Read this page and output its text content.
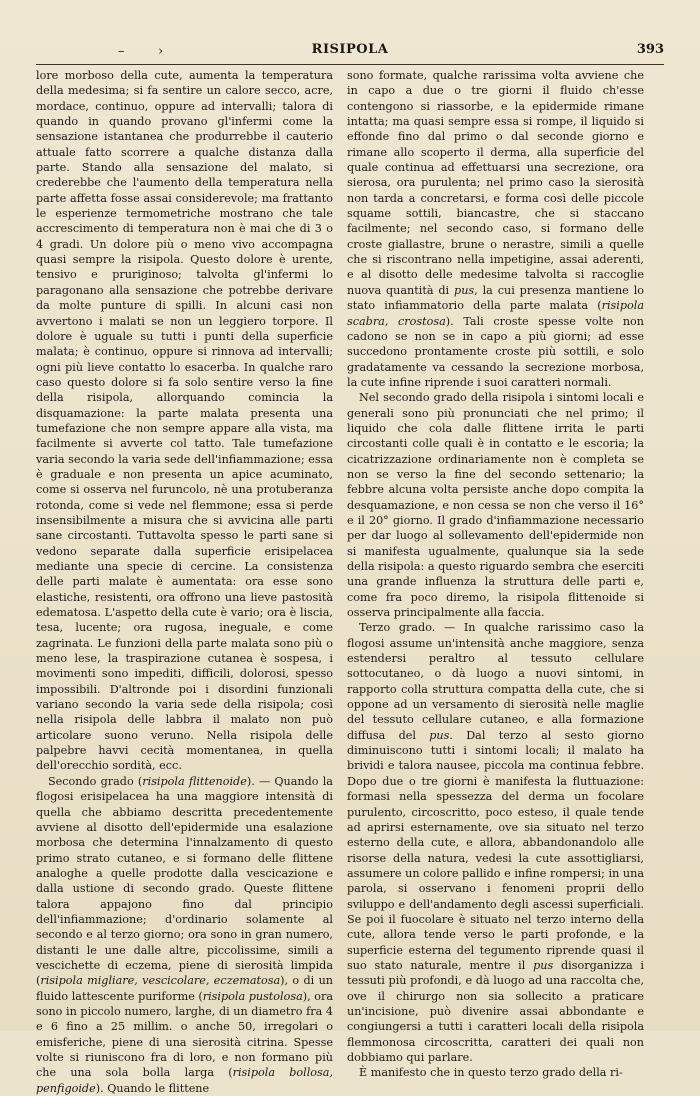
–	›	RISIPOLA	393

lore morboso della cute, aumenta la temperatura della medesima; si fa sentire un calore secco, acre, mordace, continuo, oppure ad intervalli; talora di quando in quando provano gl'infermi come la sensazione istantanea che produrrebbe il cauterio attuale fatto scorrere a qualche distanza dalla parte. Stando alla sensazione del malato, si crederebbe che l'aumento della temperatura nella parte affetta fosse assai considerevole; ma frattanto le esperienze termometriche mostrano che tale accrescimento di temperatura non è mai che di 3 o 4 gradi. Un dolore più o meno vivo accompagna quasi sempre la risipola. Questo dolore è urente, tensivo e pruriginoso; talvolta gl'infermi lo paragonano alla sensazione che potrebbe derivare da molte punture di spilli. In alcuni casi non avvertono i malati se non un leggiero torpore. Il dolore è uguale su tutti i punti della superficie malata; è continuo, oppure si rinnova ad intervalli; ogni più lieve contatto lo esacerba. In qualche raro caso questo dolore si fa solo sentire verso la fine della risipola, allorquando comincia la disquamazione: la parte malata presenta una tumefazione che non sempre appare alla vista, ma facilmente si avverte col tatto. Tale tumefazione varia secondo la varia sede dell'infiammazione; essa è graduale e non presenta un apice acuminato, come si osserva nel furuncolo, nè una protuberanza rotonda, come si vede nel flemmone; essa si perde insensibilmente a misura che si avvicina alle parti sane circostanti. Tuttavolta spesso le parti sane si vedono separate dalla superficie erisipelacea mediante una specie di cercine. La consistenza delle parti malate è aumentata: ora esse sono elastiche, resistenti, ora offrono una lieve pastosità edematosa. L'aspetto della cute è vario; ora è liscia, tesa, lucente; ora rugosa, ineguale, e come zagrinata. Le funzioni della parte malata sono più o meno lese, la traspirazione cutanea è sospesa, i movimenti sono impediti, difficili, dolorosi, spesso impossibili. D'altronde poi i disordini funzionali variano secondo la varia sede della risipola; così nella risipola delle labbra il malato non può articolare suono veruno. Nella risipola delle palpebre havvi cecità momentanea, in quella dell'orecchio sordità, ecc.

Secondo grado (risipola flittenoide). — Quando la flogosi erisipelacea ha una maggiore intensità di quella che abbiamo descritta precedentemente avviene al disotto dell'epidermide una esalazione morbosa che determina l'innalzamento di questo primo strato cutaneo, e si formano delle flittene analoghe a quelle prodotte dalla vescicazione e dalla ustione di secondo grado. Queste flittene talora appajono fino dal principio dell'infiammazione; d'ordinario solamente al secondo e al terzo giorno; ora sono in gran numero, distanti le une dalle altre, piccolissime, simili a vescichette di eczema, piene di sierosità limpida (risipola migliare, vescicolare, eczematosa), o di un fluido lattescente puriforme (risipola pustolosa), ora sono in piccolo numero, larghe, di un diametro fra 4 e 6 fino a 25 millim. o anche 50, irregolari o emisferiche, piene di una sierosità citrina. Spesse volte si riuniscono fra di loro, e non formano più che una sola bolla larga (risipola bollosa, penfigoide). Quando le flittene

sono formate, qualche rarissima volta avviene che in capo a due o tre giorni il fluido ch'esse contengono si riassorbe, e la epidermide rimane intatta; ma quasi sempre essa si rompe, il liquido si effonde fino dal primo o dal seconde giorno e rimane allo scoperto il derma, alla superficie del quale continua ad effettuarsi una secrezione, ora sierosa, ora purulenta; nel primo caso la sierosità non tarda a concretarsi, e forma così delle piccole squame sottili, biancastre, che si staccano facilmente; nel secondo caso, si formano delle croste giallastre, brune o nerastre, simili a quelle che si riscontrano nella impetigine, assai aderenti, e al disotto delle medesime talvolta si raccoglie nuova quantità di pus, la cui presenza mantiene lo stato infiammatorio della parte malata (risipola scabra, crostosa). Tali croste spesse volte non cadono se non se in capo a più giorni; ad esse succedono prontamente croste più sottili, e solo gradatamente va cessando la secrezione morbosa, la cute infine riprende i suoi caratteri normali.

Nel secondo grado della risipola i sintomi locali e generali sono più pronunciati che nel primo; il liquido che cola dalle flittene irrita le parti circostanti colle quali è in contatto e le escoria; la cicatrizzazione ordinariamente non è completa se non se verso la fine del secondo settenario; la febbre alcuna volta persiste anche dopo compita la desquamazione, e non cessa se non che verso il 16° e il 20° giorno. Il grado d'infiammazione necessario per dar luogo al sollevamento dell'epidermide non si manifesta ugualmente, qualunque sia la sede della risipola: a questo riguardo sembra che eserciti una grande influenza la struttura delle parti e, come fra poco diremo, la risipola flittenoide si osserva principalmente alla faccia.

Terzo grado. — In qualche rarissimo caso la flogosi assume un'intensità anche maggiore, senza estendersi peraltro al tessuto cellulare sottocutaneo, o dà luogo a nuovi sintomi, in rapporto colla struttura compatta della cute, che si oppone ad un versamento di sierosità nelle maglie del tessuto cellulare cutaneo, e alla formazione diffusa del pus. Dal terzo al sesto giorno diminuiscono tutti i sintomi locali; il malato ha brividi e talora nausee, piccola ma continua febbre. Dopo due o tre giorni è manifesta la fluttuazione: formasi nella spessezza del derma un focolare purulento, circoscritto, poco esteso, il quale tende ad aprirsi esternamente, ove sia situato nel terzo esterno della cute, e allora, abbandonandolo alle risorse della natura, vedesi la cute assottigliarsi, assumere un colore pallido e infine rompersi; in una parola, si osservano i fenomeni proprii dello sviluppo e dell'andamento degli ascessi superficiali. Se poi il fuocolare è situato nel terzo interno della cute, allora tende verso le parti profonde, e la superficie esterna del tegumento riprende quasi il suo stato naturale, mentre il pus disorganizza i tessuti più profondi, e dà luogo ad una raccolta che, ove il chirurgo non sia sollecito a praticare un'incisione, può divenire assai abbondante e congiungersi a tutti i caratteri locali della risipola flemmonosa circoscritta, caratteri dei quali non dobbiamo qui parlare.

È manifesto che in questo terzo grado della ri-
